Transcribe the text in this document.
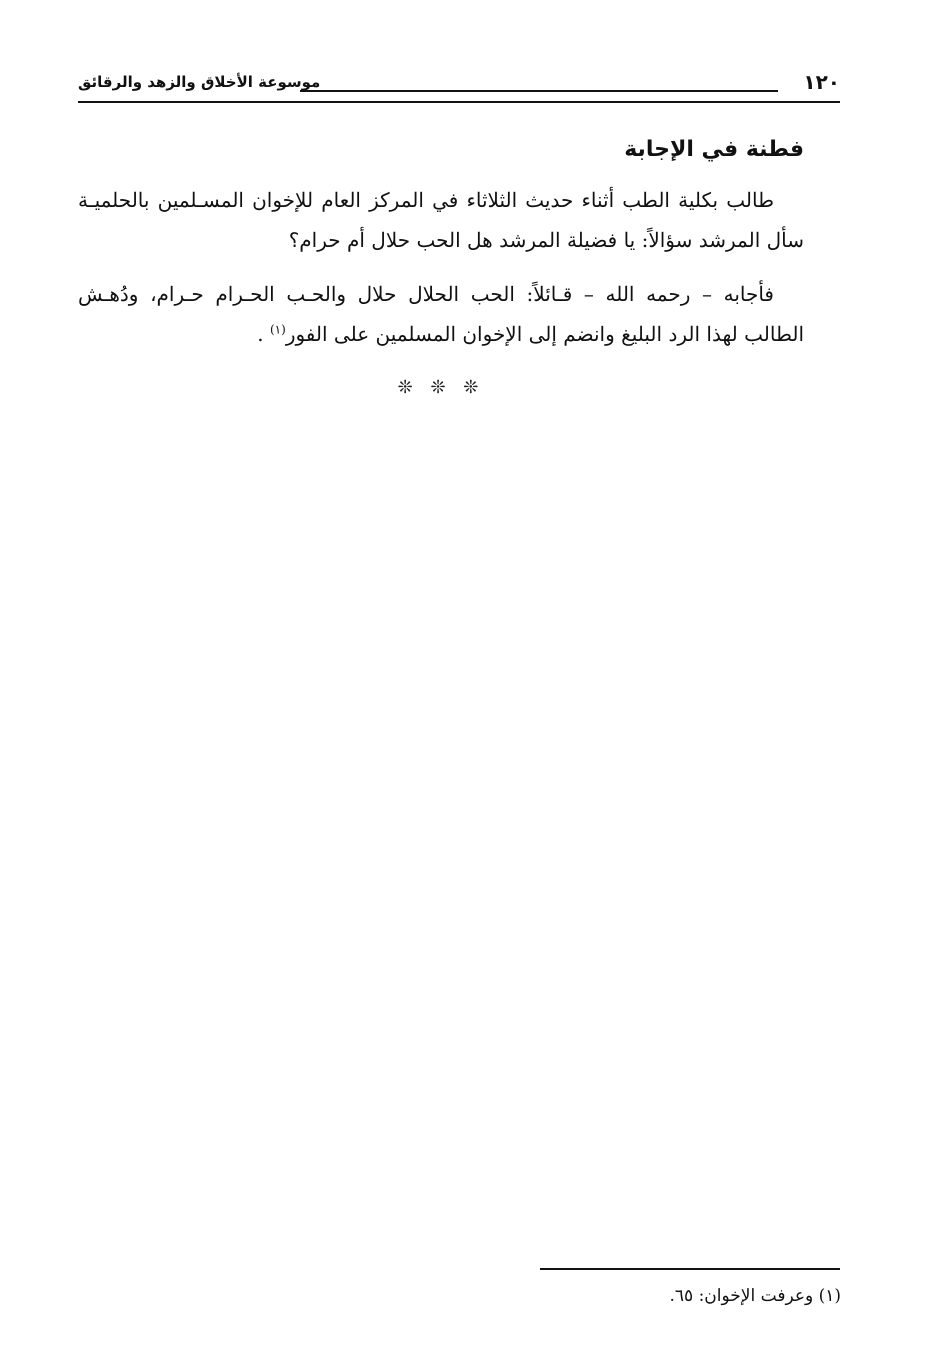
١٢٠
موسوعة الأخلاق والزهد والرقائق
فطنة في الإجابة

طالب بكلية الطب أثناء حديث الثلاثاء في المركز العام للإخوان المسـلمين بالحلميـة سأل المرشد سؤالاً: يا فضيلة المرشد هل الحب حلال أم حرام؟

فأجابه – رحمه الله – قـائلاً: الحب الحلال حلال والحـب الحـرام حـرام، ودُهـش الطالب لهذا الرد البليغ وانضم إلى الإخوان المسلمين على الفور$^{(١)}$ .

❊ ❊ ❊
(١) وعرفت الإخوان: ٦٥.
